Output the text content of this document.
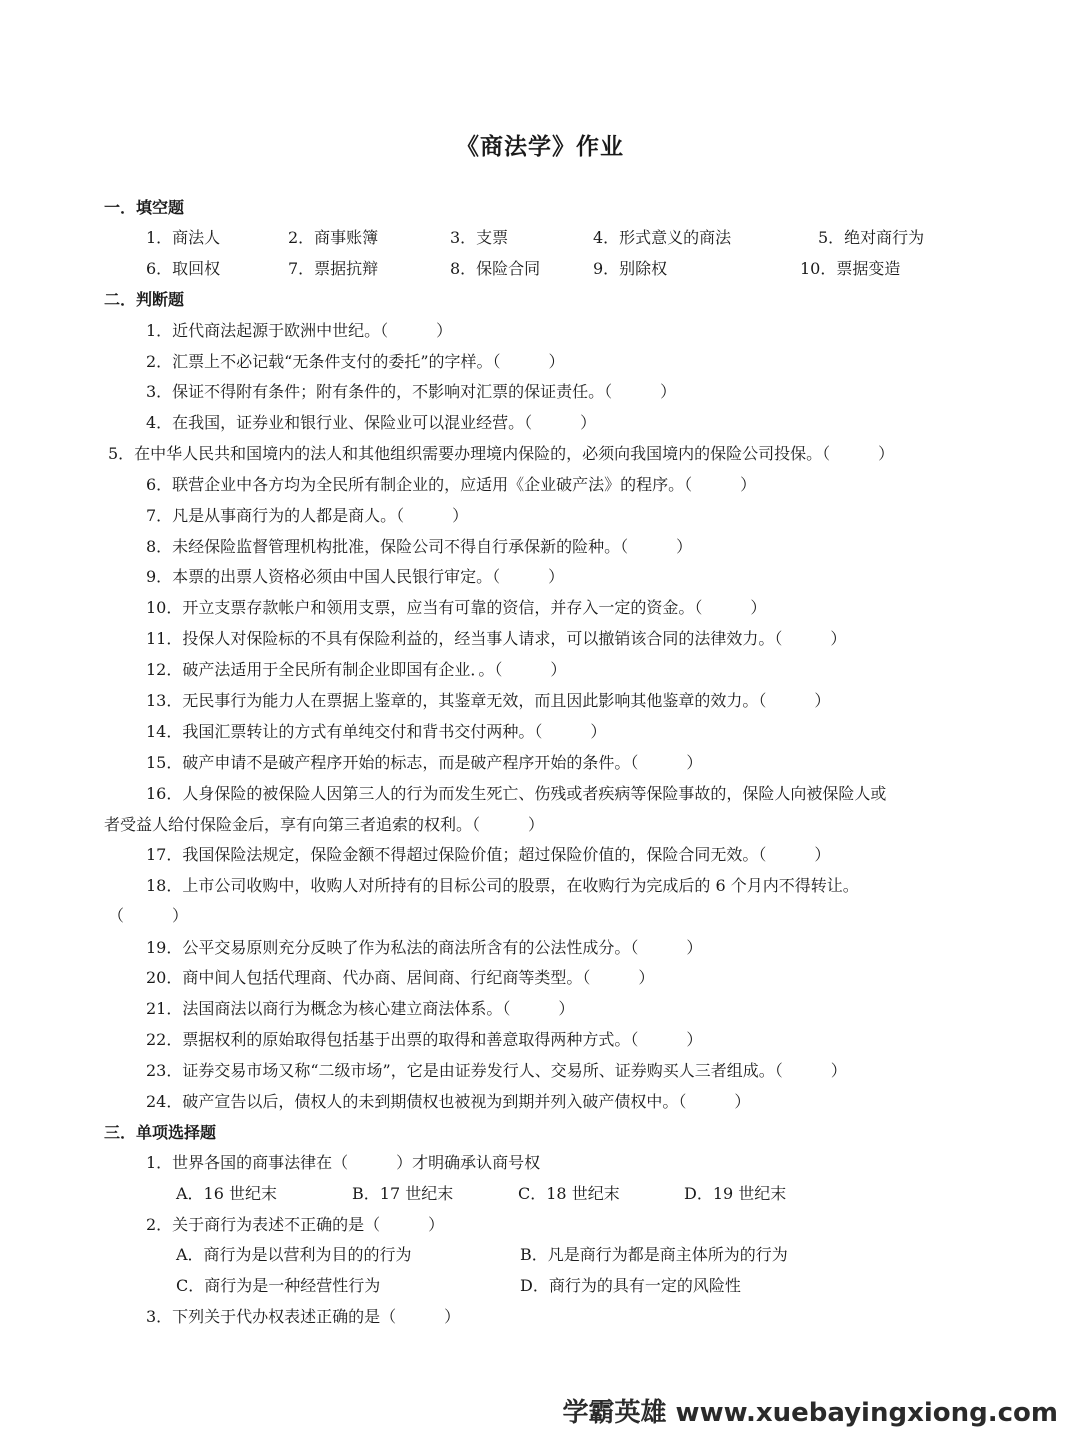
《商法学》作业
一．填空题
1．商法人	2．商事账簿	3．支票	4．形式意义的商法	5．绝对商行为
6．取回权	7．票据抗辩	8．保险合同	9．别除权	10．票据变造
二．判断题
1．近代商法起源于欧洲中世纪。（　　　）
2．汇票上不必记载“无条件支付的委托”的字样。（　　　）
3．保证不得附有条件；附有条件的，不影响对汇票的保证责任。（　　　）
4．在我国，证券业和银行业、保险业可以混业经营。（　　　）
5．在中华人民共和国境内的法人和其他组织需要办理境内保险的，必须向我国境内的保险公司投保。（　　　）
6．联营企业中各方均为全民所有制企业的，应适用《企业破产法》的程序。（　　　）
7．凡是从事商行为的人都是商人。（　　　）
8．未经保险监督管理机构批准，保险公司不得自行承保新的险种。（　　　）
9．本票的出票人资格必须由中国人民银行审定。（　　　）
10．开立支票存款帐户和领用支票，应当有可靠的资信，并存入一定的资金。（　　　）
11．投保人对保险标的不具有保险利益的，经当事人请求，可以撤销该合同的法律效力。（　　　）
12．破产法适用于全民所有制企业即国有企业．。（　　　）
13．无民事行为能力人在票据上鉴章的，其鉴章无效，而且因此影响其他鉴章的效力。（　　　）
14．我国汇票转让的方式有单纯交付和背书交付两种。（　　　）
15．破产申请不是破产程序开始的标志，而是破产程序开始的条件。（　　　）
16．人身保险的被保险人因第三人的行为而发生死亡、伤残或者疾病等保险事故的，保险人向被保险人或
者受益人给付保险金后，享有向第三者追索的权利。（　　　）
17．我国保险法规定，保险金额不得超过保险价值；超过保险价值的，保险合同无效。（　　　）
18．上市公司收购中，收购人对所持有的目标公司的股票，在收购行为完成后的 6 个月内不得转让。
（　　　）
19．公平交易原则充分反映了作为私法的商法所含有的公法性成分。（　　　）
20．商中间人包括代理商、代办商、居间商、行纪商等类型。（　　　）
21．法国商法以商行为概念为核心建立商法体系。（　　　）
22．票据权利的原始取得包括基于出票的取得和善意取得两种方式。（　　　）
23．证券交易市场又称“二级市场”，它是由证券发行人、交易所、证券购买人三者组成。（　　　）
24．破产宣告以后，债权人的未到期债权也被视为到期并列入破产债权中。（　　　）
三．单项选择题
1．世界各国的商事法律在（　　　）才明确承认商号权
A．16 世纪末	B．17 世纪末	C．18 世纪末	D．19 世纪末
2．关于商行为表述不正确的是（　　　）
A．商行为是以营利为目的的行为	B．凡是商行为都是商主体所为的行为
C．商行为是一种经营性行为	D．商行为的具有一定的风险性
3．下列关于代办权表述正确的是（　　　）
学霸英雄 www.xuebayingxiong.com
